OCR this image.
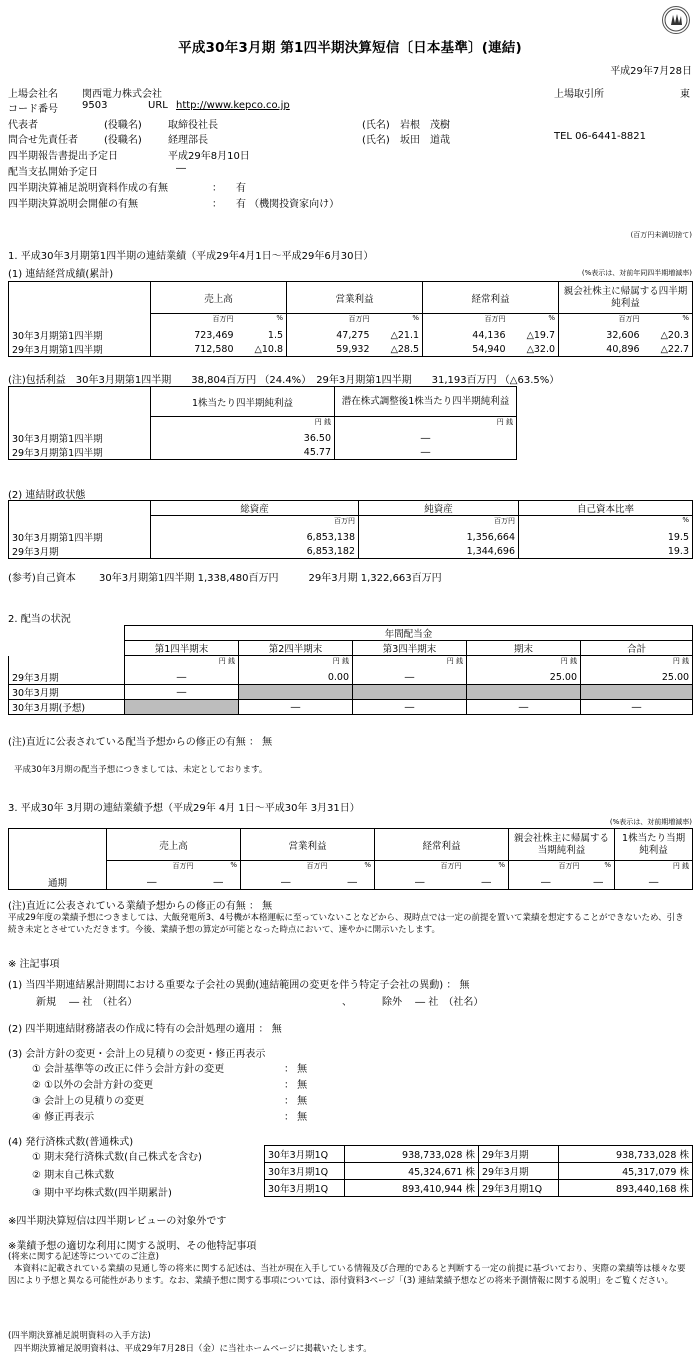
平成30年3月期 第1四半期決算短信〔日本基準〕(連結)
平成29年7月28日
上場会社名 関西電力株式会社	上場取引所	東
コード番号 9503	URL http://www.kepco.co.jp
代表者	(役職名)	取締役社長	(氏名) 岩根　茂樹
問合せ先責任者	(役職名)	経理部長	(氏名) 坂田　道哉	TEL 06-6441-8821
四半期報告書提出予定日	平成29年8月10日
配当支払開始予定日	―
四半期決算補足説明資料作成の有無	： 有
四半期決算説明会開催の有無	： 有 （機関投資家向け）
(百万円未満切捨て)
1. 平成30年3月期第1四半期の連結業績（平成29年4月1日～平成29年6月30日）
(1) 連結経営成績(累計)	(%表示は、対前年同四半期増減率)
	売上高		営業利益		経常利益		親会社株主に帰属する四半期純利益	
	百万円	%	百万円	%	百万円	%	百万円	%
30年3月期第1四半期	723,469	1.5	47,275	△21.1	44,136	△19.7	32,606	△20.3
29年3月期第1四半期	712,580	△10.8	59,932	△28.5	54,940	△32.0	40,896	△22.7
(注)包括利益　30年3月期第1四半期　　38,804百万円 （24.4%）　29年3月期第1四半期　　31,193百万円 （△63.5%）
	1株当たり四半期純利益	潜在株式調整後1株当たり四半期純利益
	円 銭	円 銭
30年3月期第1四半期	36.50	―
29年3月期第1四半期	45.77	―
(2) 連結財政状態
	総資産	純資産	自己資本比率
	百万円	百万円	%
30年3月期第1四半期	6,853,138	1,356,664	19.5
29年3月期	6,853,182	1,344,696	19.3
(参考)自己資本　　 30年3月期第1四半期 1,338,480百万円　　　29年3月期 1,322,663百万円
2. 配当の状況
	年間配当金				
	第1四半期末	第2四半期末	第3四半期末	期末	合計
	円 銭	円 銭	円 銭	円 銭	円 銭
29年3月期	―	0.00	―	25.00	25.00
30年3月期	―				
30年3月期(予想)		―	―	―	―
(注)直近に公表されている配当予想からの修正の有無 ： 無
平成30年3月期の配当予想につきましては、未定としております。
3. 平成30年 3月期の連結業績予想（平成29年 4月 1日～平成30年 3月31日）
(%表示は、対前期増減率)
	売上高		営業利益		経常利益		親会社株主に帰属する当期純利益		1株当たり当期純利益
	百万円	%	百万円	%	百万円	%	百万円	%	円 銭
通期	―	―	―	―	―	―	―	―	―
(注)直近に公表されている業績予想からの修正の有無 ： 無
平成29年度の業績予想につきましては、大飯発電所3、4号機が本格運転に至っていないことなどから、現時点では一定の前提を置いて業績を想定することができないため、引き続き未定とさせていただきます。今後、業績予想の算定が可能となった時点において、速やかに開示いたします。
※ 注記事項
(1) 当四半期連結累計期間における重要な子会社の異動(連結範囲の変更を伴う特定子会社の異動) ： 無
新規　 ― 社　（社名）	、	除外　 ― 社　（社名）
(2) 四半期連結財務諸表の作成に特有の会計処理の適用 ： 無
(3) 会計方針の変更・会計上の見積りの変更・修正再表示
① 会計基準等の改正に伴う会計方針の変更	： 無
② ①以外の会計方針の変更	： 無
③ 会計上の見積りの変更	： 無
④ 修正再表示	： 無
(4) 発行済株式数(普通株式)
① 期末発行済株式数(自己株式を含む)
② 期末自己株式数
③ 期中平均株式数(四半期累計)
30年3月期1Q	938,733,028 株	29年3月期	938,733,028 株
30年3月期1Q	45,324,671 株	29年3月期	45,317,079 株
30年3月期1Q	893,410,944 株	29年3月期1Q	893,440,168 株
※四半期決算短信は四半期レビューの対象外です
※業績予想の適切な利用に関する説明、その他特記事項
(将来に関する記述等についてのご注意)
本資料に記載されている業績の見通し等の将来に関する記述は、当社が現在入手している情報及び合理的であると判断する一定の前提に基づいており、実際の業績等は様々な要因により予想と異なる可能性があります。なお、業績予想に関する事項については、添付資料3ページ「(3) 連結業績予想などの将来予測情報に関する説明」をご覧ください。
(四半期決算補足説明資料の入手方法)
四半期決算補足説明資料は、平成29年7月28日（金）に当社ホームページに掲載いたします。
